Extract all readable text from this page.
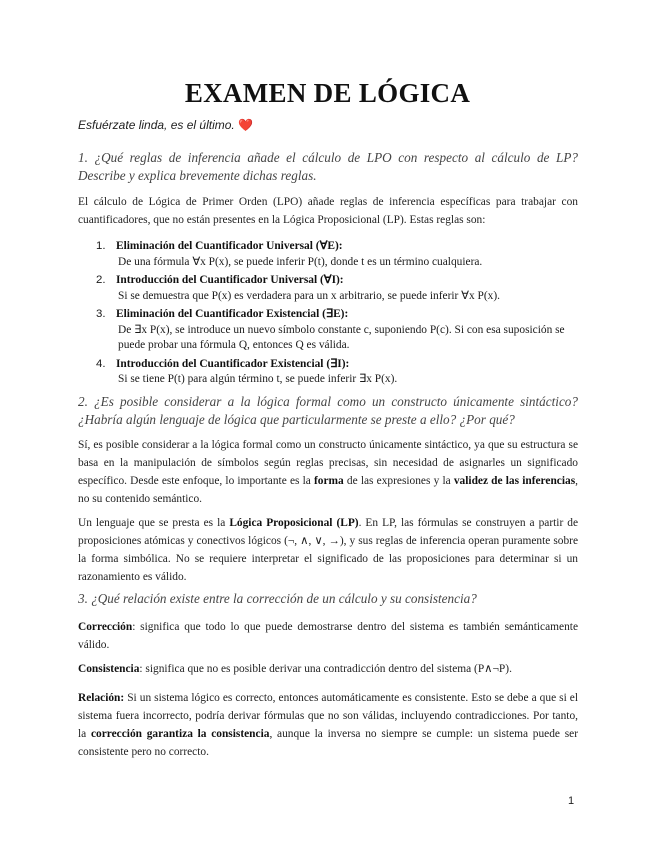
EXAMEN DE LÓGICA
Esfuérzate linda, es el último. ❤️
1. ¿Qué reglas de inferencia añade el cálculo de LPO con respecto al cálculo de LP? Describe y explica brevemente dichas reglas.
El cálculo de Lógica de Primer Orden (LPO) añade reglas de inferencia específicas para trabajar con cuantificadores, que no están presentes en la Lógica Proposicional (LP). Estas reglas son:
1. Eliminación del Cuantificador Universal (∀E):
De una fórmula ∀x P(x), se puede inferir P(t), donde t es un término cualquiera.
2. Introducción del Cuantificador Universal (∀I):
Si se demuestra que P(x) es verdadera para un x arbitrario, se puede inferir ∀x P(x).
3. Eliminación del Cuantificador Existencial (∃E):
De ∃x P(x), se introduce un nuevo símbolo constante c, suponiendo P(c). Si con esa suposición se puede probar una fórmula Q, entonces Q es válida.
4. Introducción del Cuantificador Existencial (∃I):
Si se tiene P(t) para algún término t, se puede inferir ∃x P(x).
2. ¿Es posible considerar a la lógica formal como un constructo únicamente sintáctico? ¿Habría algún lenguaje de lógica que particularmente se preste a ello? ¿Por qué?
Sí, es posible considerar a la lógica formal como un constructo únicamente sintáctico, ya que su estructura se basa en la manipulación de símbolos según reglas precisas, sin necesidad de asignarles un significado específico. Desde este enfoque, lo importante es la forma de las expresiones y la validez de las inferencias, no su contenido semántico.
Un lenguaje que se presta es la Lógica Proposicional (LP). En LP, las fórmulas se construyen a partir de proposiciones atómicas y conectivos lógicos (¬, ∧, ∨, →), y sus reglas de inferencia operan puramente sobre la forma simbólica. No se requiere interpretar el significado de las proposiciones para determinar si un razonamiento es válido.
3. ¿Qué relación existe entre la corrección de un cálculo y su consistencia?
Corrección: significa que todo lo que puede demostrarse dentro del sistema es también semánticamente válido.
Consistencia: significa que no es posible derivar una contradicción dentro del sistema (P∧¬P).
Relación: Si un sistema lógico es correcto, entonces automáticamente es consistente. Esto se debe a que si el sistema fuera incorrecto, podría derivar fórmulas que no son válidas, incluyendo contradicciones. Por tanto, la corrección garantiza la consistencia, aunque la inversa no siempre se cumple: un sistema puede ser consistente pero no correcto.
1
